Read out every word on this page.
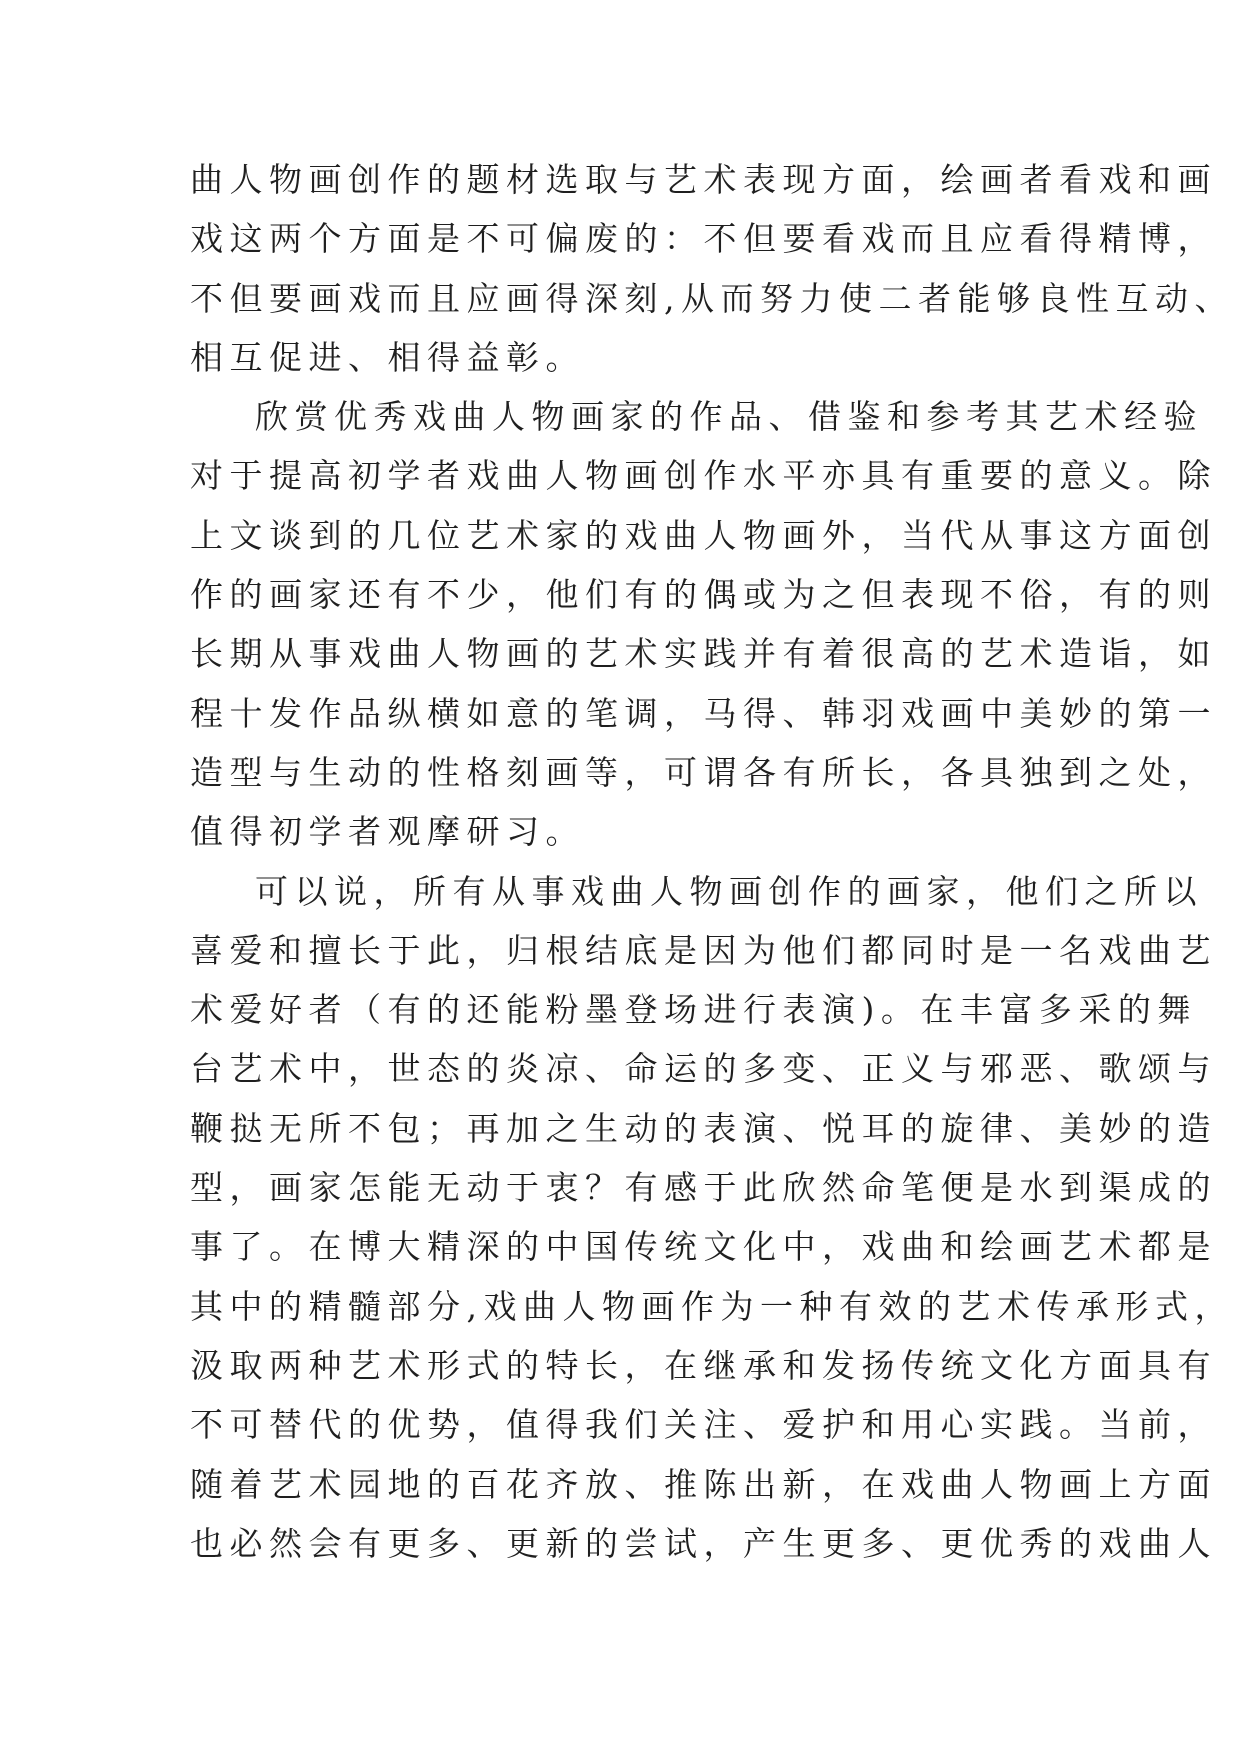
曲人物画创作的题材选取与艺术表现方面，绘画者看戏和画
戏这两个方面是不可偏废的：不但要看戏而且应看得精博，
不但要画戏而且应画得深刻,从而努力使二者能够良性互动、
相互促进、相得益彰。
欣赏优秀戏曲人物画家的作品、借鉴和参考其艺术经验
对于提高初学者戏曲人物画创作水平亦具有重要的意义。除
上文谈到的几位艺术家的戏曲人物画外，当代从事这方面创
作的画家还有不少，他们有的偶或为之但表现不俗，有的则
长期从事戏曲人物画的艺术实践并有着很高的艺术造诣，如
程十发作品纵横如意的笔调，马得、韩羽戏画中美妙的第一
造型与生动的性格刻画等，可谓各有所长，各具独到之处，
值得初学者观摩研习。
可以说，所有从事戏曲人物画创作的画家，他们之所以
喜爱和擅长于此，归根结底是因为他们都同时是一名戏曲艺
术爱好者（有的还能粉墨登场进行表演)。在丰富多采的舞
台艺术中，世态的炎凉、命运的多变、正义与邪恶、歌颂与
鞭挞无所不包；再加之生动的表演、悦耳的旋律、美妙的造
型，画家怎能无动于衷？有感于此欣然命笔便是水到渠成的
事了。在博大精深的中国传统文化中，戏曲和绘画艺术都是
其中的精髓部分,戏曲人物画作为一种有效的艺术传承形式，
汲取两种艺术形式的特长，在继承和发扬传统文化方面具有
不可替代的优势，值得我们关注、爱护和用心实践。当前，
随着艺术园地的百花齐放、推陈出新，在戏曲人物画上方面
也必然会有更多、更新的尝试，产生更多、更优秀的戏曲人
